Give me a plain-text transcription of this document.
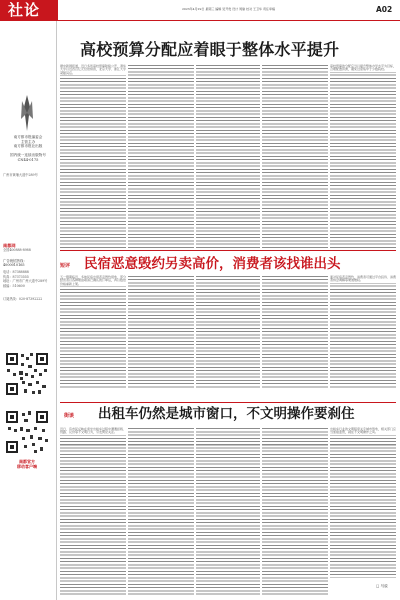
社论	2023年4月29日 星期三 编辑 吴开贵 设计 周瑜 校对 王卫华 责任审稿	A02
南方都市报编委会
主管主办
南方都市报社出版
国内统一连续出版物号
CN44-0175
广州市黄埔大道中289号
南都网
全国400888-8988
广告统招热线：
4000010165
电话：87388888
传真：87373555
地址：广州市广州大道中289号
邮编：510600
订阅热线：020-87392222
南都官方
移动客户端
高校预算分配应着眼于整体水平提升

据中新网报道，近日多所高校预算陆续公开，清华大学以近四百亿元位居榜首，北京大学、浙江大学紧随其后。

高校预算的分配应当以提升整体办学水平为目标，合理配置资源，避免过度集中于少数院校。

短评 民宿恶意毁约另卖高价，消费者该找谁出头

五一假期临近，多地民宿出现恶意毁约现象，部分经营者以各种理由取消已确认的订单后，再以数倍价格重新上架。

面对民宿恶意毁约，消费者可通过平台投诉、消费者协会调解等渠道维权。

街谈 出租车仍然是城市窗口，不文明操作要刹住

近日，有市民反映在乘坐出租车过程中遭遇拒载、绕路、议价等不文明行为，引发舆论关注。

出租车行业的文明程度关乎城市形象，相关部门应当加强监管，刹住不文明操作之风。

□ 马骁
